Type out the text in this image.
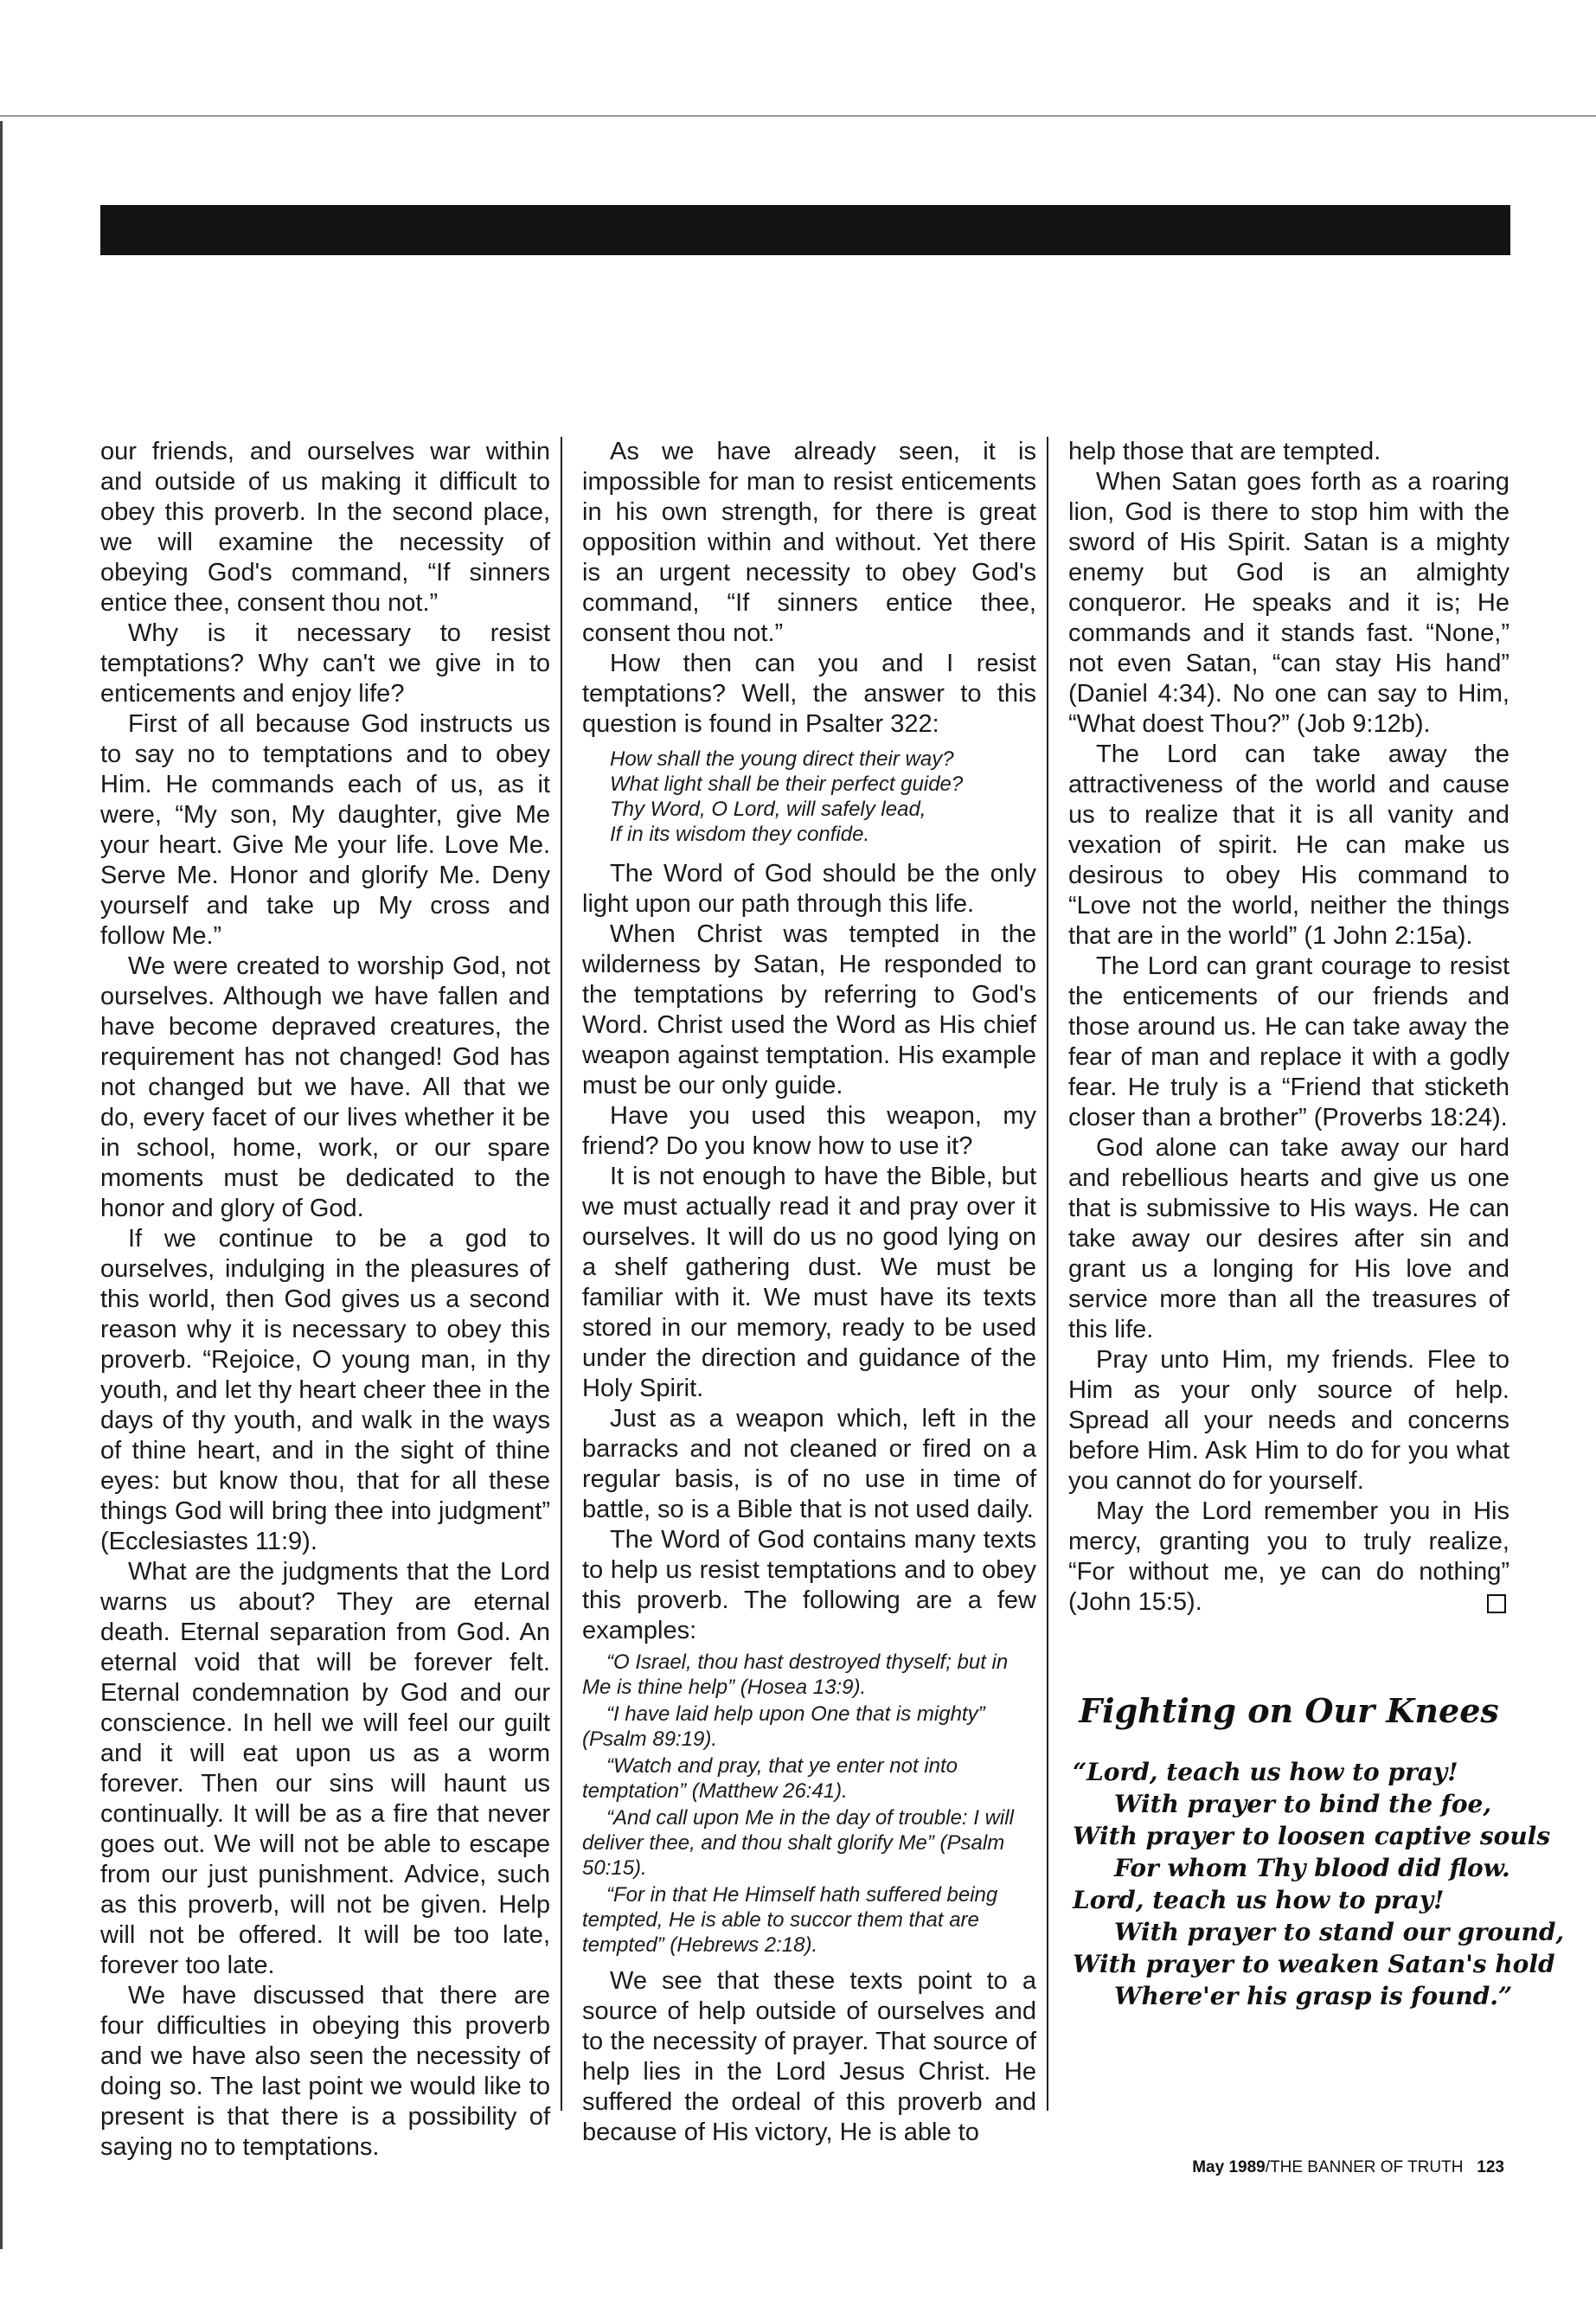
our friends, and ourselves war within and outside of us making it difficult to obey this proverb. In the second place, we will examine the necessity of obeying God's command, “If sinners entice thee, consent thou not.”

Why is it necessary to resist temptations? Why can't we give in to enticements and enjoy life?

First of all because God instructs us to say no to temptations and to obey Him. He commands each of us, as it were, “My son, My daughter, give Me your heart. Give Me your life. Love Me. Serve Me. Honor and glorify Me. Deny yourself and take up My cross and follow Me.”

We were created to worship God, not ourselves. Although we have fallen and have become depraved creatures, the requirement has not changed! God has not changed but we have. All that we do, every facet of our lives whether it be in school, home, work, or our spare moments must be dedicated to the honor and glory of God.

If we continue to be a god to ourselves, indulging in the pleasures of this world, then God gives us a second reason why it is necessary to obey this proverb. “Rejoice, O young man, in thy youth, and let thy heart cheer thee in the days of thy youth, and walk in the ways of thine heart, and in the sight of thine eyes: but know thou, that for all these things God will bring thee into judgment” (Ecclesiastes 11:9).

What are the judgments that the Lord warns us about? They are eternal death. Eternal separation from God. An eternal void that will be forever felt. Eternal condemnation by God and our conscience. In hell we will feel our guilt and it will eat upon us as a worm forever. Then our sins will haunt us continually. It will be as a fire that never goes out. We will not be able to escape from our just punishment. Advice, such as this proverb, will not be given. Help will not be offered. It will be too late, forever too late.

We have discussed that there are four difficulties in obeying this proverb and we have also seen the necessity of doing so. The last point we would like to present is that there is a possibility of saying no to temptations.

As we have already seen, it is impossible for man to resist enticements in his own strength, for there is great opposition within and without. Yet there is an urgent necessity to obey God's command, “If sinners entice thee, consent thou not.”

How then can you and I resist temptations? Well, the answer to this question is found in Psalter 322:

How shall the young direct their way?
What light shall be their perfect guide?
Thy Word, O Lord, will safely lead,
If in its wisdom they confide.

The Word of God should be the only light upon our path through this life.

When Christ was tempted in the wilderness by Satan, He responded to the temptations by referring to God's Word. Christ used the Word as His chief weapon against temptation. His example must be our only guide.

Have you used this weapon, my friend? Do you know how to use it?

It is not enough to have the Bible, but we must actually read it and pray over it ourselves. It will do us no good lying on a shelf gathering dust. We must be familiar with it. We must have its texts stored in our memory, ready to be used under the direction and guidance of the Holy Spirit.

Just as a weapon which, left in the barracks and not cleaned or fired on a regular basis, is of no use in time of battle, so is a Bible that is not used daily.

The Word of God contains many texts to help us resist temptations and to obey this proverb. The following are a few examples:

“O Israel, thou hast destroyed thyself; but in Me is thine help” (Hosea 13:9).

“I have laid help upon One that is mighty” (Psalm 89:19).

“Watch and pray, that ye enter not into temptation” (Matthew 26:41).

“And call upon Me in the day of trouble: I will deliver thee, and thou shalt glorify Me” (Psalm 50:15).

“For in that He Himself hath suffered being tempted, He is able to succor them that are tempted” (Hebrews 2:18).

We see that these texts point to a source of help outside of ourselves and to the necessity of prayer. That source of help lies in the Lord Jesus Christ. He suffered the ordeal of this proverb and because of His victory, He is able to

help those that are tempted.

When Satan goes forth as a roaring lion, God is there to stop him with the sword of His Spirit. Satan is a mighty enemy but God is an almighty conqueror. He speaks and it is; He commands and it stands fast. “None,” not even Satan, “can stay His hand” (Daniel 4:34). No one can say to Him, “What doest Thou?” (Job 9:12b).

The Lord can take away the attractiveness of the world and cause us to realize that it is all vanity and vexation of spirit. He can make us desirous to obey His command to “Love not the world, neither the things that are in the world” (1 John 2:15a).

The Lord can grant courage to resist the enticements of our friends and those around us. He can take away the fear of man and replace it with a godly fear. He truly is a “Friend that sticketh closer than a brother” (Proverbs 18:24).

God alone can take away our hard and rebellious hearts and give us one that is submissive to His ways. He can take away our desires after sin and grant us a longing for His love and service more than all the treasures of this life.

Pray unto Him, my friends. Flee to Him as your only source of help. Spread all your needs and concerns before Him. Ask Him to do for you what you cannot do for yourself.

May the Lord remember you in His mercy, granting you to truly realize, “For without me, ye can do nothing” (John 15:5).

Fighting on Our Knees
“Lord, teach us how to pray!
With prayer to bind the foe,
With prayer to loosen captive souls
For whom Thy blood did flow.
Lord, teach us how to pray!
With prayer to stand our ground,
With prayer to weaken Satan's hold
Where'er his grasp is found.”
May 1989/THE BANNER OF TRUTH 123
